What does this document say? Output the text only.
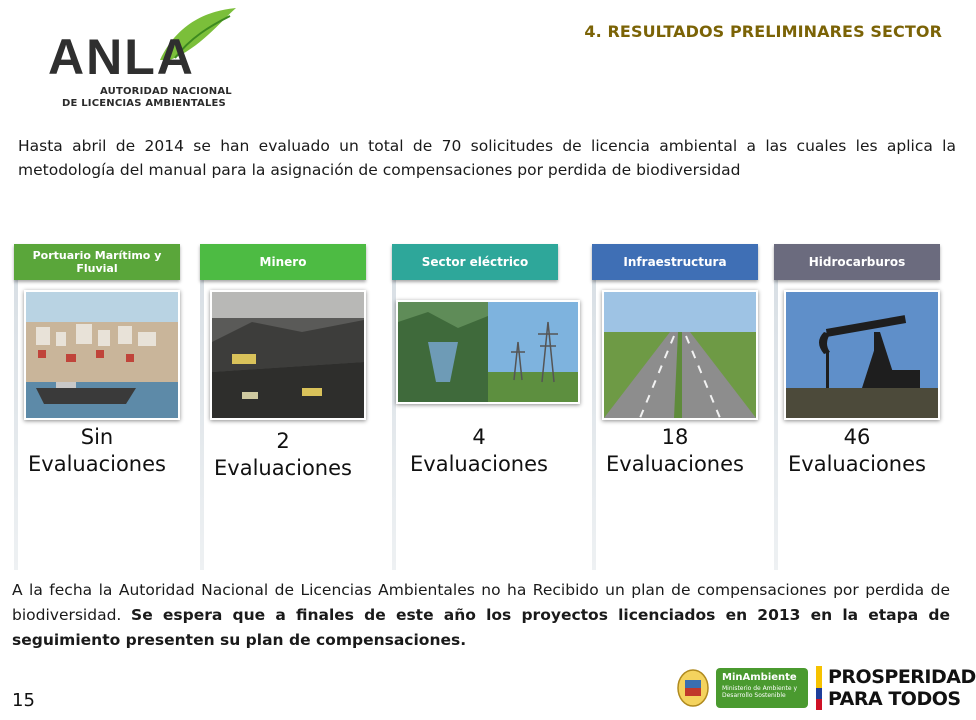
ANLA
AUTORIDAD NACIONAL
DE LICENCIAS AMBIENTALES
4. RESULTADOS PRELIMINARES SECTOR

Hasta abril de 2014 se han evaluado un total de 70 solicitudes de licencia ambiental a las cuales les aplica la metodología del manual para la asignación de compensaciones por perdida de biodiversidad

Portuario Marítimo y Fluvial
Sin
Evaluaciones
Minero
2
Evaluaciones
Sector eléctrico
4
Evaluaciones
Infraestructura
18
Evaluaciones
Hidrocarburos
46
Evaluaciones

A la fecha la Autoridad Nacional de Licencias Ambientales no ha Recibido un plan de compensaciones por perdida de biodiversidad. Se espera que a finales de este año los proyectos licenciados en 2013 en la etapa de seguimiento presenten su plan de compensaciones.

15
MinAmbiente
Ministerio de Ambiente y Desarrollo Sostenible
PROSPERIDAD
PARA TODOS
